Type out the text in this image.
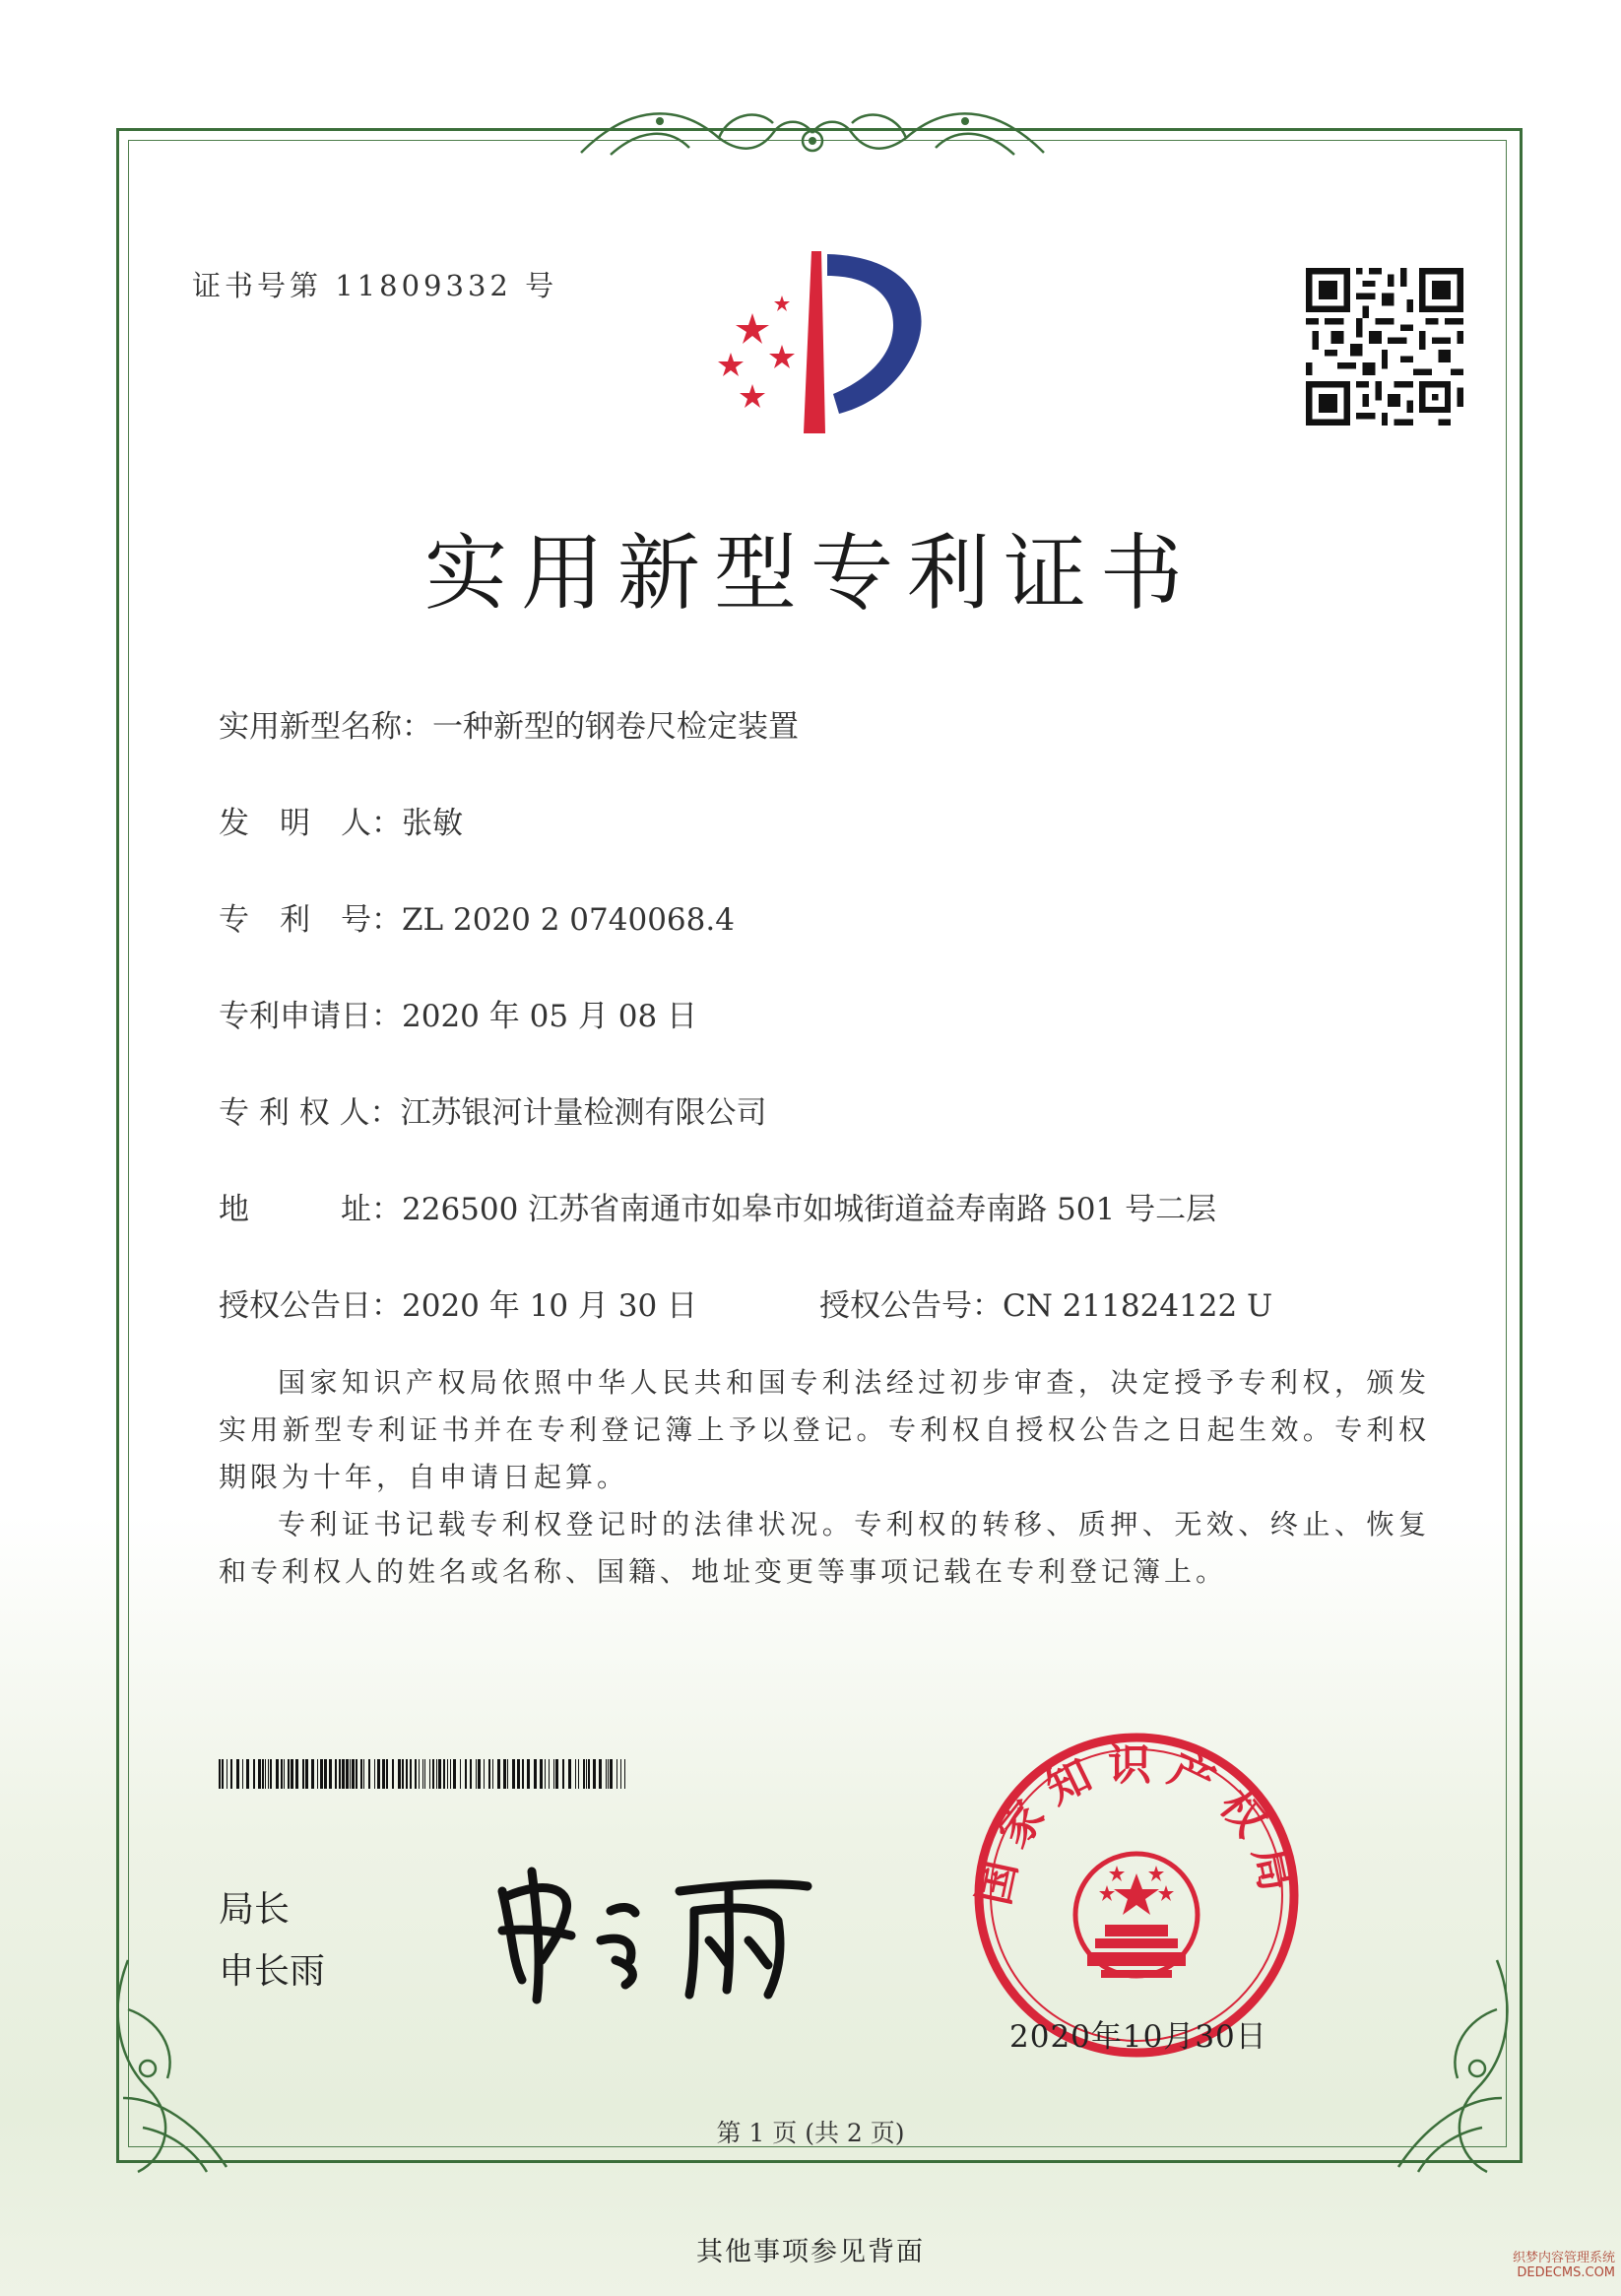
证书号第 11809332 号
实用新型专利证书
实用新型名称：一种新型的钢卷尺检定装置
发　明　人：张敏
专　利　号：ZL 2020 2 0740068.4
专利申请日：2020 年 05 月 08 日
专 利 权 人：江苏银河计量检测有限公司
地　　　址：226500 江苏省南通市如皋市如城街道益寿南路 501 号二层
授权公告日：2020 年 10 月 30 日	授权公告号：CN 211824122 U
国家知识产权局依照中华人民共和国专利法经过初步审查，决定授予专利权，颁发实用新型专利证书并在专利登记簿上予以登记。专利权自授权公告之日起生效。专利权期限为十年，自申请日起算。
专利证书记载专利权登记时的法律状况。专利权的转移、质押、无效、终止、恢复和专利权人的姓名或名称、国籍、地址变更等事项记载在专利登记簿上。
局长
申长雨
国家知识产权局
2020年10月30日
第 1 页 (共 2 页)
其他事项参见背面	织梦内容管理系统
DEDECMS.COM
